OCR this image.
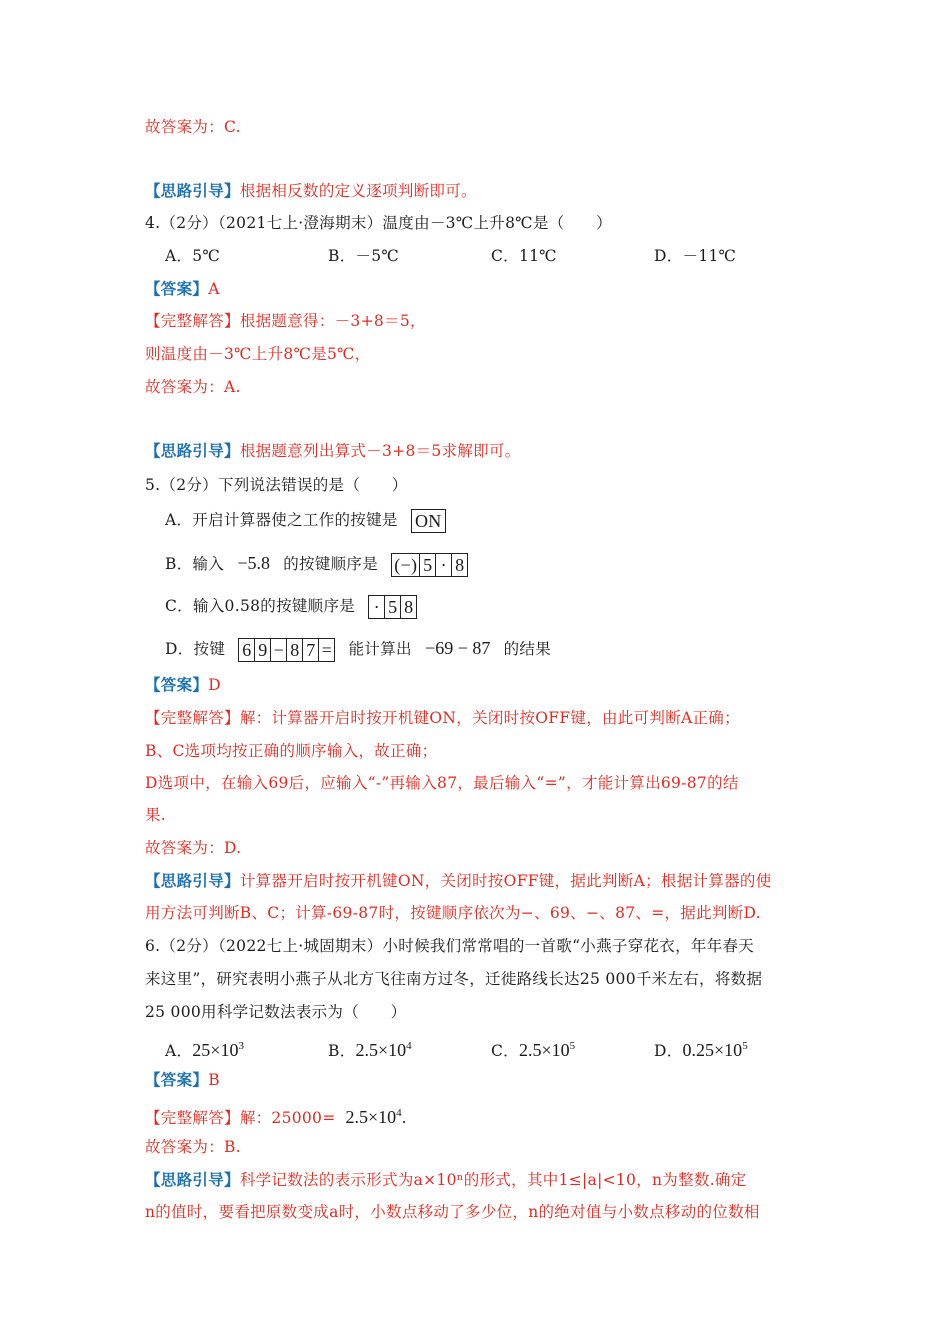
故答案为：C.
【思路引导】根据相反数的定义逐项判断即可。
4.（2分）（2021七上·澄海期末）温度由－3℃上升8℃是（　　）
A．5℃	B．－5℃	C．11℃	D．－11℃
【答案】A
【完整解答】根据题意得：－3+8＝5，
则温度由－3℃上升8℃是5℃，
故答案为：A.
【思路引导】根据题意列出算式－3+8＝5求解即可。
5.（2分）下列说法错误的是（　　）
A．开启计算器使之工作的按键是 ON
B．输入 −5.8 的按键顺序是 (−) 5 · 8
C．输入0.58的按键顺序是 · 5 8
D．按键 6 9 − 8 7 = 能计算出 −69 − 87 的结果
【答案】D
【完整解答】解：计算器开启时按开机键ON，关闭时按OFF键，由此可判断A正确；
B、C选项均按正确的顺序输入，故正确；
D选项中，在输入69后，应输入“-”再输入87，最后输入“=”，才能计算出69-87的结
果.
故答案为：D.
【思路引导】计算器开启时按开机键ON，关闭时按OFF键，据此判断A；根据计算器的使
用方法可判断B、C；计算-69-87时，按键顺序依次为−、69、−、87、=，据此判断D.
6.（2分）（2022七上·城固期末）小时候我们常常唱的一首歌“小燕子穿花衣，年年春天
来这里”，研究表明小燕子从北方飞往南方过冬，迁徙路线长达25 000千米左右，将数据
25 000用科学记数法表示为（　　）
A．$25\times 10^3$	B．$2.5\times 10^4$	C．$2.5\times 10^5$	D．$0.25\times 10^5$
【答案】B
【完整解答】解：$25000= 2.5\times 10^4$.
故答案为：B.
【思路引导】科学记数法的表示形式为a×10ⁿ的形式，其中1≤|a|<10，n为整数.确定
n的值时，要看把原数变成a时，小数点移动了多少位，n的绝对值与小数点移动的位数相
